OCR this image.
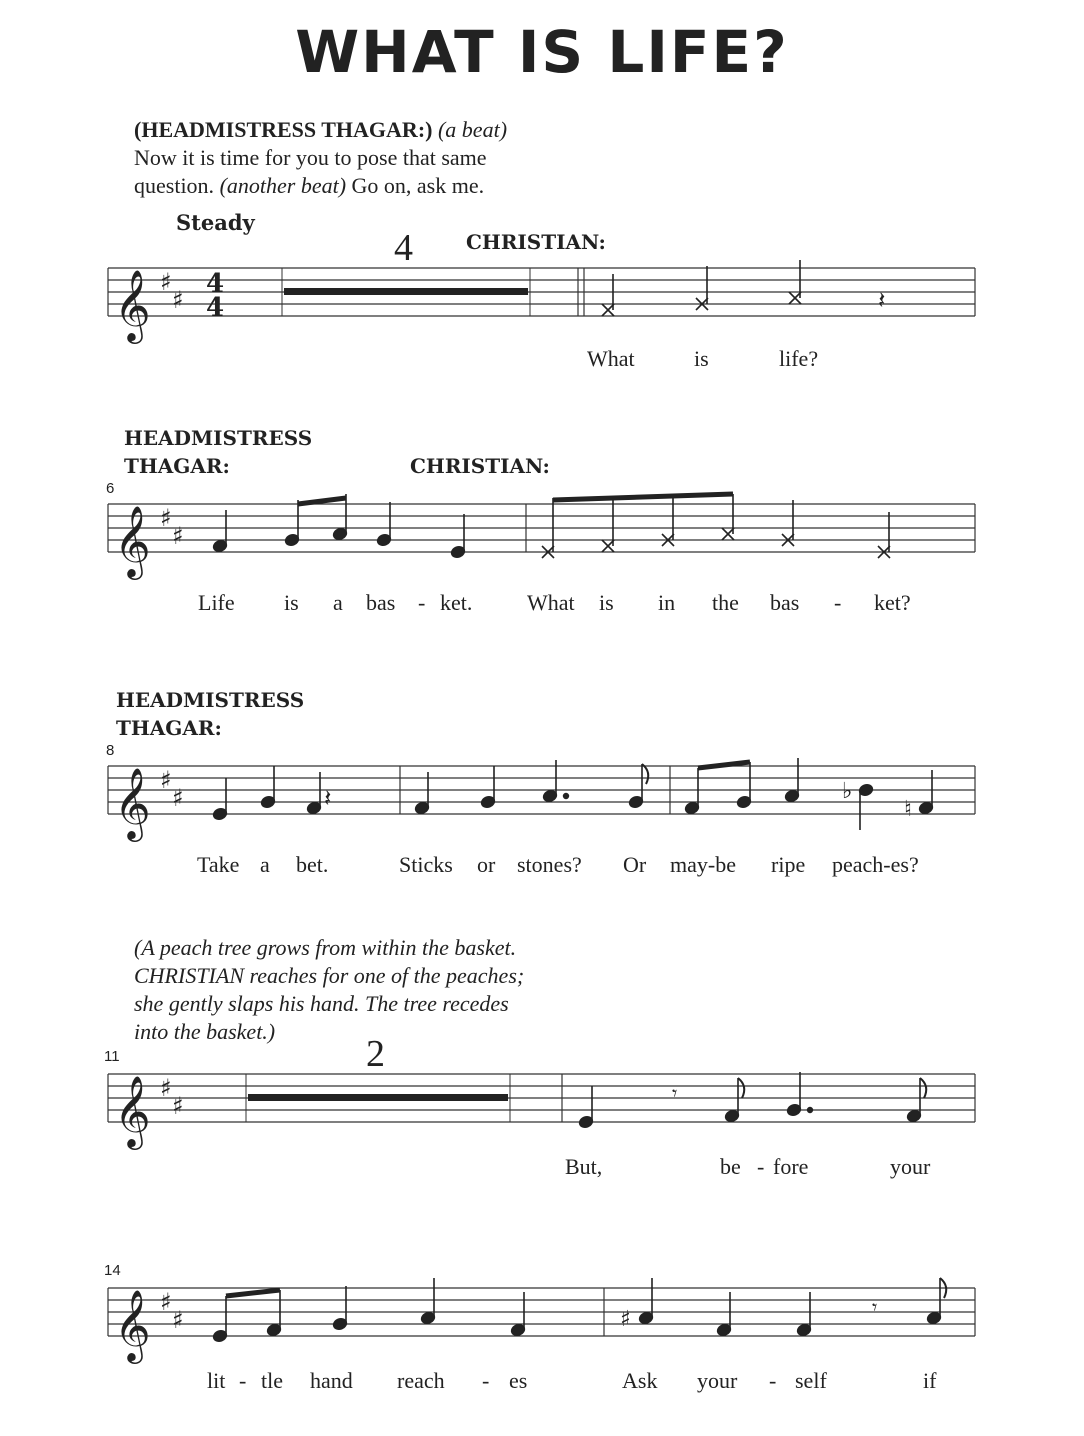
WHAT IS LIFE?
(HEADMISTRESS THAGAR:) (a beat)
Now it is time for you to pose that same
question. (another beat) Go on, ask me.
Steady
4	CHRISTIAN:
𝄞 ♯
♯
4
4	𝄽
What	is	life?
HEADMISTRESS
THAGAR:	CHRISTIAN:
6
𝄞 ♯
♯
Life is a bas - ket. What is in the bas - ket?
HEADMISTRESS
THAGAR:
8
𝄞 ♯
♯	𝄽	♭
♮
Take a bet.	Sticks or stones? Or may-be ripe peach-es?
(A peach tree grows from within the basket.
CHRISTIAN reaches for one of the peaches;
she gently slaps his hand. The tree recedes
into the basket.)
11	2
𝄞 ♯
♯	𝄾
But,	be - fore	your
14
𝄞 ♯
♯	♯	𝄾
lit - tle hand reach - es	Ask your - self	if
